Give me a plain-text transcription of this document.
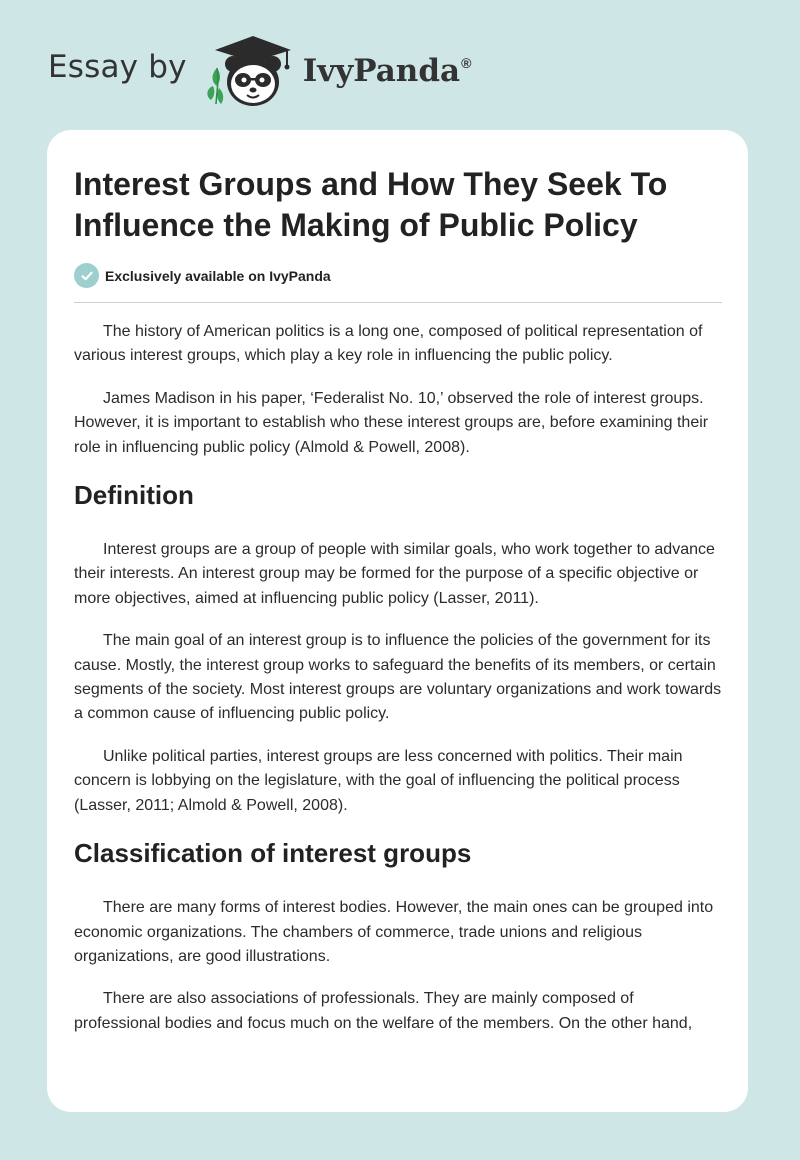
Essay by	IvyPanda®
Interest Groups and How They Seek To Influence the Making of Public Policy
Exclusively available on IvyPanda

The history of American politics is a long one, composed of political representation of various interest groups, which play a key role in influencing the public policy.

James Madison in his paper, ‘Federalist No. 10,’ observed the role of interest groups. However, it is important to establish who these interest groups are, before examining their role in influencing public policy (Almold & Powell, 2008).

Definition

Interest groups are a group of people with similar goals, who work together to advance their interests. An interest group may be formed for the purpose of a specific objective or more objectives, aimed at influencing public policy (Lasser, 2011).

The main goal of an interest group is to influence the policies of the government for its cause. Mostly, the interest group works to safeguard the benefits of its members, or certain segments of the society. Most interest groups are voluntary organizations and work towards a common cause of influencing public policy.

Unlike political parties, interest groups are less concerned with politics. Their main concern is lobbying on the legislature, with the goal of influencing the political process (Lasser, 2011; Almold & Powell, 2008).

Classification of interest groups

There are many forms of interest bodies. However, the main ones can be grouped into economic organizations. The chambers of commerce, trade unions and religious organizations, are good illustrations.

There are also associations of professionals. They are mainly composed of professional bodies and focus much on the welfare of the members. On the other hand,
